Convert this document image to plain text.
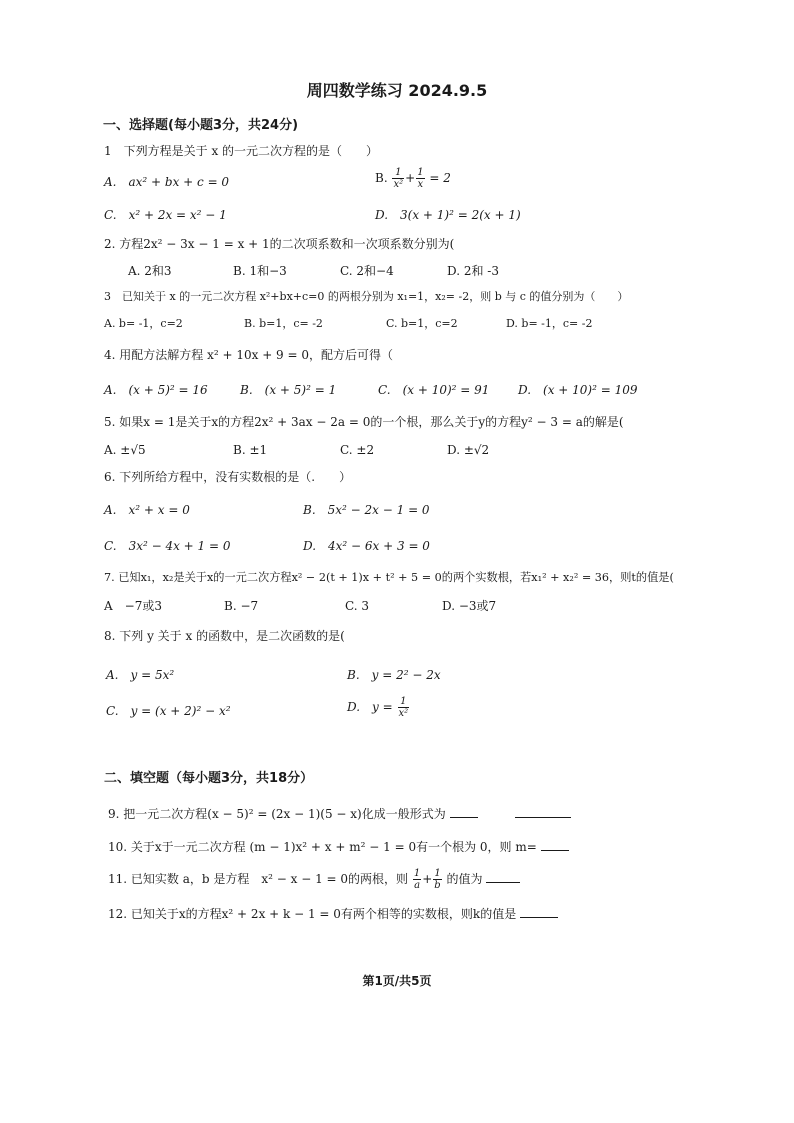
周四数学练习 2024.9.5
一、选择题(每小题3分，共24分)
1　下列方程是关于 x 的一元二次方程的是（　　）
A.　ax² + bx + c = 0	B. $\frac{1}{\text{x²}} + \frac{1}{x} = 2$
C.　x² + 2x = x² − 1	D.　3(x + 1)² = 2(x + 1)
2. 方程2x² − 3x − 1 = x + 1的二次项系数和一次项系数分别为(
A. 2和3	B. 1和−3	C. 2和−4	D. 2和 -3
3　已知关于 x 的一元二次方程 x²+bx+c=0 的两根分别为 x₁=1，x₂= -2，则 b 与 c 的值分别为（　　）
A. b= -1，c=2	B. b=1，c= -2	C. b=1，c=2	D. b= -1，c= -2
4. 用配方法解方程 x² + 10x + 9 = 0，配方后可得（
A.　(x + 5)² = 16	B.　(x + 5)² = 1	C.　(x + 10)² = 91 D.　(x + 10)² = 109
5. 如果x = 1是关于x的方程2x² + 3ax − 2a = 0的一个根，那么关于y的方程y² − 3 = a的解是(
A. ±√5	B. ±1	C. ±2	D. ±√2
6. 下列所给方程中，没有实数根的是（.　　）
A.　x² + x = 0	B.　5x² − 2x − 1 = 0
C.　3x² − 4x + 1 = 0	D.　4x² − 6x + 3 = 0
7. 已知x₁，x₂是关于x的一元二次方程x² − 2(t + 1)x + t² + 5 = 0的两个实数根，若x₁² + x₂² = 36，则t的值是(
A　−7或3	B. −7	C. 3	D. −3或7
8. 下列 y 关于 x 的函数中，是二次函数的是(
A.　y = 5x²	B.　y = 2² − 2x
C.　y = (x + 2)² − x²	D.　$y = \frac{1}{\text{x²}}$
二、填空题（每小题3分，共18分）
9. 把一元二次方程(x − 5)² = (2x − 1)(5 − x)化成一般形式为
10. 关于x于一元二次方程 (m − 1)x² + x + m² − 1 = 0有一个根为 0，则 m=
11. 已知实数 a，b 是方程　x² − x − 1 = 0的两根，则 $\frac{1}{a} + \frac{1}{b}$ 的值为
12. 已知关于x的方程x² + 2x + k − 1 = 0有两个相等的实数根，则k的值是
第1页/共5页
